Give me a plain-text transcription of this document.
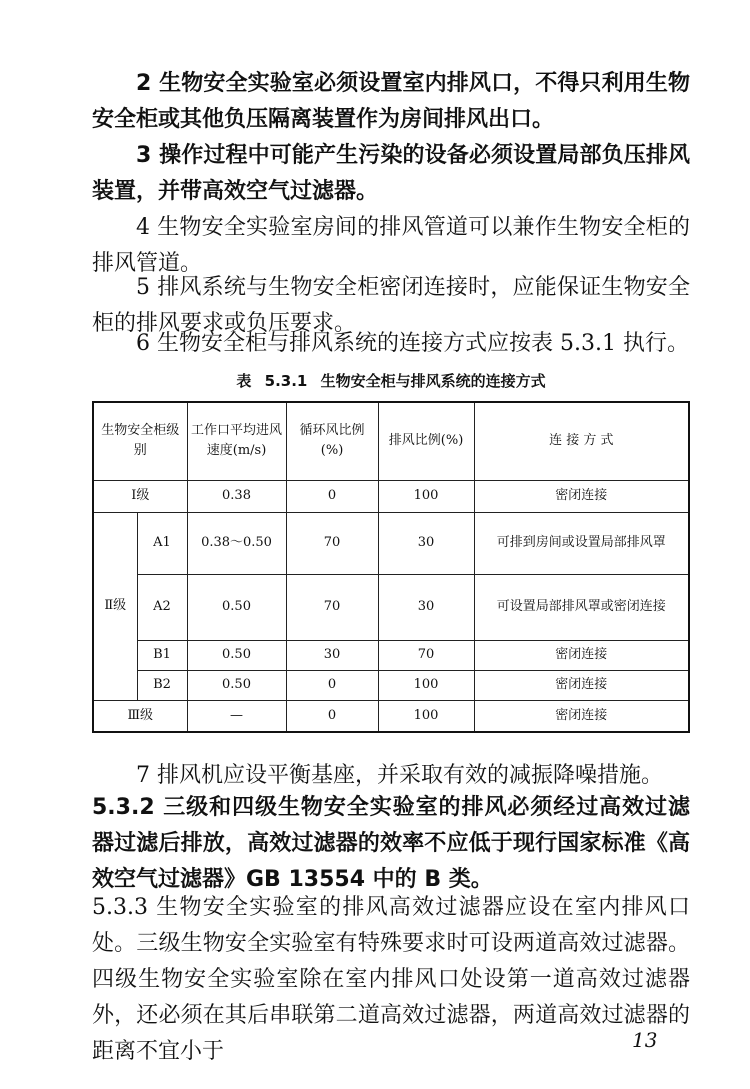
2 生物安全实验室必须设置室内排风口，不得只利用生物安全柜或其他负压隔离装置作为房间排风出口。

3 操作过程中可能产生污染的设备必须设置局部负压排风装置，并带高效空气过滤器。

4 生物安全实验室房间的排风管道可以兼作生物安全柜的排风管道。

5 排风系统与生物安全柜密闭连接时，应能保证生物安全柜的排风要求或负压要求。

6 生物安全柜与排风系统的连接方式应按表 5.3.1 执行。

表 5.3.1 生物安全柜与排风系统的连接方式
生物安全柜级别		工作口平均进风速度(m/s)	循环风比例(%)	排风比例(%)	连 接 方 式
Ⅰ级		0.38	0	100	密闭连接
Ⅱ级	A1	0.38～0.50	70	30	可排到房间或设置局部排风罩
	A2	0.50	70	30	可设置局部排风罩或密闭连接
	B1	0.50	30	70	密闭连接
	B2	0.50	0	100	密闭连接
Ⅲ级		—	0	100	密闭连接

7 排风机应设平衡基座，并采取有效的减振降噪措施。

5.3.2 三级和四级生物安全实验室的排风必须经过高效过滤器过滤后排放，高效过滤器的效率不应低于现行国家标准《高效空气过滤器》GB 13554 中的 B 类。

5.3.3 生物安全实验室的排风高效过滤器应设在室内排风口处。三级生物安全实验室有特殊要求时可设两道高效过滤器。四级生物安全实验室除在室内排风口处设第一道高效过滤器外，还必须在其后串联第二道高效过滤器，两道高效过滤器的距离不宜小于	13
